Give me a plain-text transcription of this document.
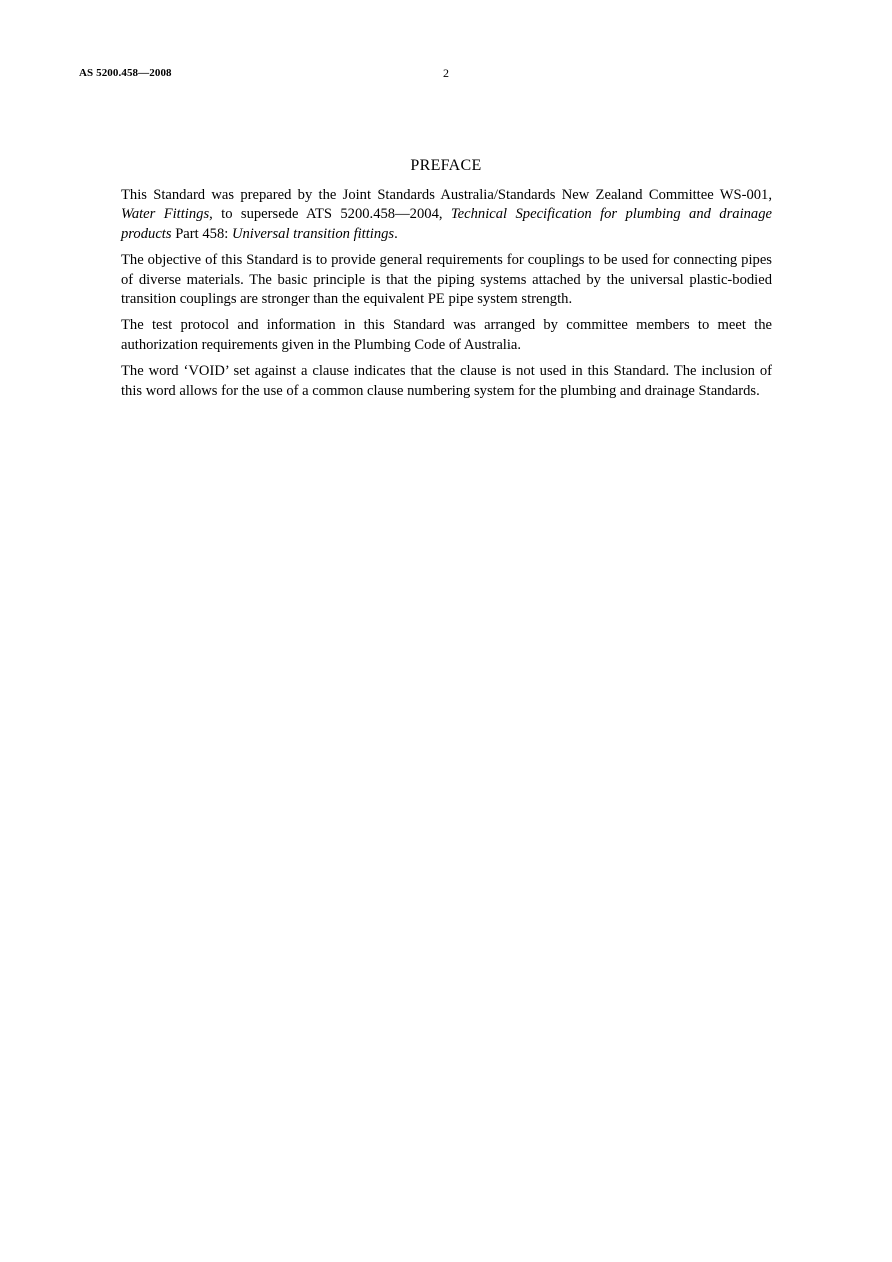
AS 5200.458—2008	2
PREFACE

This Standard was prepared by the Joint Standards Australia/Standards New Zealand Committee WS-001, Water Fittings, to supersede ATS 5200.458—2004, Technical Specification for plumbing and drainage products Part 458: Universal transition fittings.

The objective of this Standard is to provide general requirements for couplings to be used for connecting pipes of diverse materials. The basic principle is that the piping systems attached by the universal plastic-bodied transition couplings are stronger than the equivalent PE pipe system strength.

The test protocol and information in this Standard was arranged by committee members to meet the authorization requirements given in the Plumbing Code of Australia.

The word ‘VOID’ set against a clause indicates that the clause is not used in this Standard. The inclusion of this word allows for the use of a common clause numbering system for the plumbing and drainage Standards.
